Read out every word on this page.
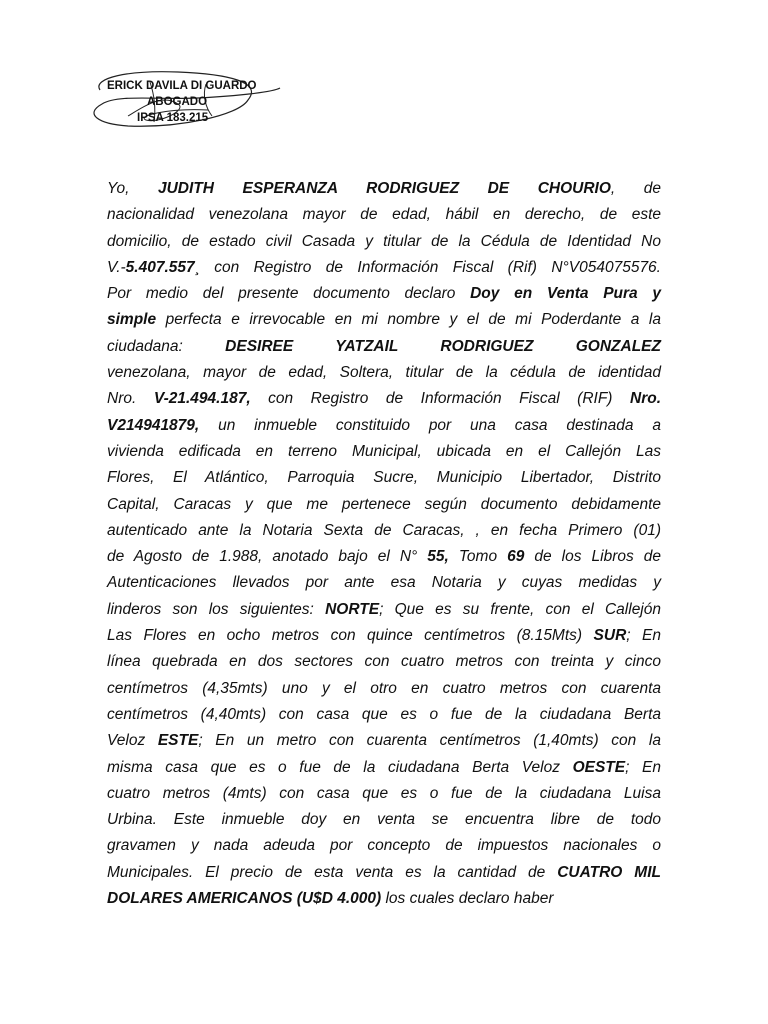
ERICK DAVILA DI GUARDO
ABOGADO
IPSA 183.215
Yo, JUDITH ESPERANZA RODRIGUEZ DE CHOURIO, de
nacionalidad venezolana mayor de edad, hábil en derecho, de este
domicilio, de estado civil Casada y titular de la Cédula de Identidad No
V.-5.407.557¸ con Registro de Información Fiscal (Rif) N°V054075576.
Por medio del presente documento declaro Doy en Venta Pura y
simple perfecta e irrevocable en mi nombre y el de mi Poderdante a la
ciudadana: DESIREE YATZAIL RODRIGUEZ GONZALEZ
venezolana, mayor de edad, Soltera, titular de la cédula de identidad
Nro. V-21.494.187, con Registro de Información Fiscal (RIF) Nro.
V214941879, un inmueble constituido por una casa destinada a
vivienda edificada en terreno Municipal, ubicada en el Callejón Las
Flores, El Atlántico, Parroquia Sucre, Municipio Libertador, Distrito
Capital, Caracas y que me pertenece según documento debidamente
autenticado ante la Notaria Sexta de Caracas, , en fecha Primero (01)
de Agosto de 1.988, anotado bajo el N° 55, Tomo 69 de los Libros de
Autenticaciones llevados por ante esa Notaria y cuyas medidas y
linderos son los siguientes: NORTE; Que es su frente, con el Callejón
Las Flores en ocho metros con quince centímetros (8.15Mts) SUR; En
línea quebrada en dos sectores con cuatro metros con treinta y cinco
centímetros (4,35mts) uno y el otro en cuatro metros con cuarenta
centímetros (4,40mts) con casa que es o fue de la ciudadana Berta
Veloz ESTE; En un metro con cuarenta centímetros (1,40mts) con la
misma casa que es o fue de la ciudadana Berta Veloz OESTE; En
cuatro metros (4mts) con casa que es o fue de la ciudadana Luisa
Urbina. Este inmueble doy en venta se encuentra libre de todo
gravamen y nada adeuda por concepto de impuestos nacionales o
Municipales. El precio de esta venta es la cantidad de CUATRO MIL
DOLARES AMERICANOS (U$D 4.000) los cuales declaro haber
